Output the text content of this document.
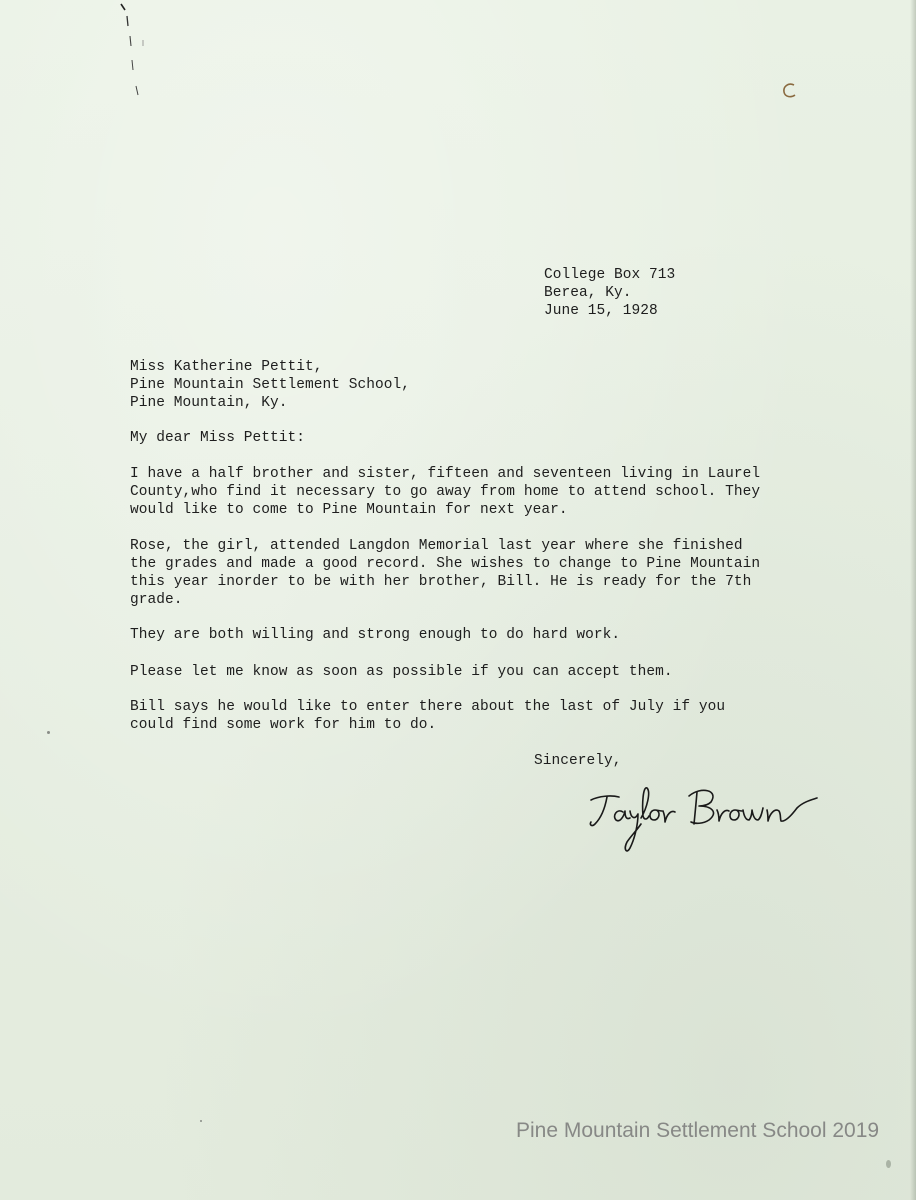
College Box 713
Berea, Ky.
June 15, 1928
Miss Katherine Pettit,
Pine Mountain Settlement School,
Pine Mountain, Ky.
My dear Miss Pettit:
I have a half brother and sister, fifteen and seventeen living in Laurel
County,who find it necessary to go away from home to attend school. They
would like to come to Pine Mountain for next year.
Rose, the girl, attended Langdon Memorial last year where she finished
the grades and made a good record. She wishes to change to Pine Mountain
this year inorder to be with her brother, Bill. He is ready for the 7th
grade.
They are both willing and strong enough to do hard work.
Please let me know as soon as possible if you can accept them.
Bill says he would like to enter there about the last of July if you
could find some work for him to do.
Sincerely,
Pine Mountain Settlement School 2019
